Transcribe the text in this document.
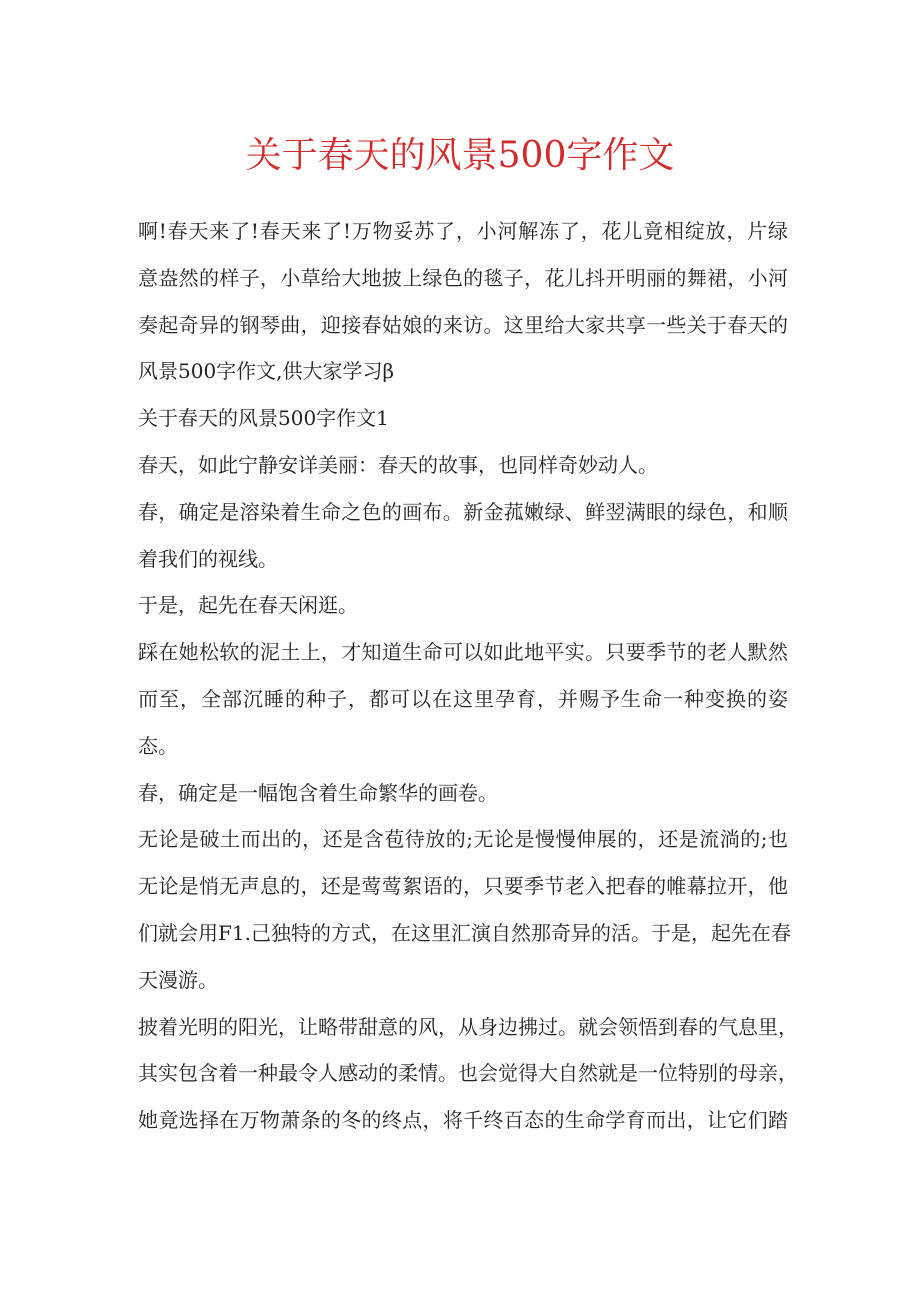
关于春天的风景500字作文
啊!春天来了!春天来了!万物妥苏了，小河解冻了，花儿竟相绽放，片绿
意盎然的样子，小草给大地披上绿色的毯子，花儿抖开明丽的舞裙，小河
奏起奇异的钢琴曲，迎接春姑娘的来访。这里给大家共享一些关于春天的
风景500字作文,供大家学习β
关于春天的风景500字作文1
春天，如此宁静安详美丽：春天的故事，也同样奇妙动人。
春，确定是溶染着生命之色的画布。新金菰嫩绿、鲜翌满眼的绿色，和顺
着我们的视线。
于是，起先在春天闲逛。
踩在她松软的泥土上，才知道生命可以如此地平实。只要季节的老人默然
而至，全部沉睡的种子，都可以在这里孕育，并赐予生命一种变换的姿
态。
春，确定是一幅饱含着生命繁华的画卷。
无论是破土而出的，还是含苞待放的;无论是慢慢伸展的，还是流淌的;也
无论是悄无声息的，还是莺莺絮语的，只要季节老入把春的帷幕拉开，他
们就会用F1.己独特的方式，在这里汇演自然那奇异的活。于是，起先在春
天漫游。
披着光明的阳光，让略带甜意的风，从身边拂过。就会领悟到春的气息里，
其实包含着一种最令人感动的柔情。也会觉得大自然就是一位特别的母亲，
她竟选择在万物萧条的冬的终点，将千终百态的生命学育而出，让它们踏
